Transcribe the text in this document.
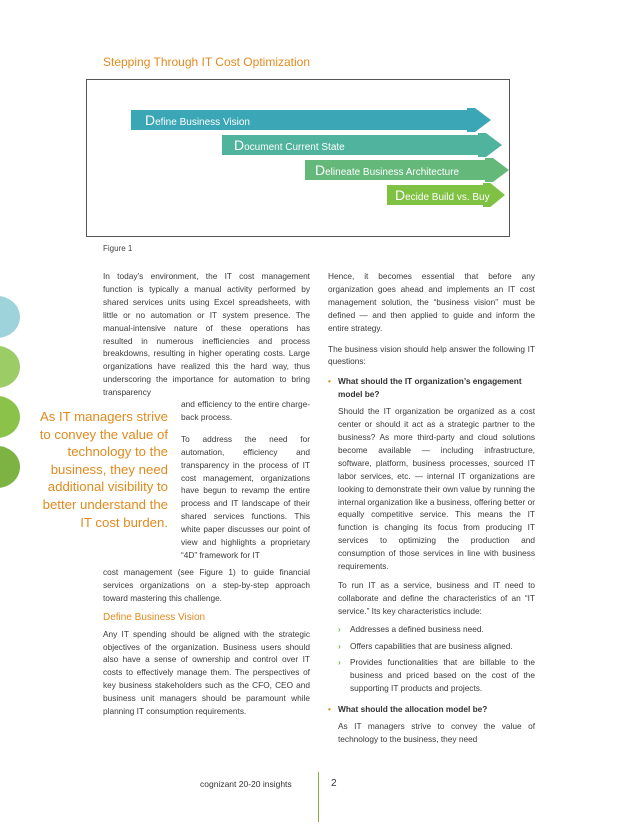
Stepping Through IT Cost Optimization
Define Business Vision
Document Current State
Delineate Business Architecture
Decide Build vs. Buy
Figure 1
As IT managers strive to convey the value of technology to the business, they need additional visibility to better understand the IT cost burden.

In today’s environment, the IT cost management function is typically a manual activity performed by shared services units using Excel spreadsheets, with little or no automation or IT system presence. The manual-intensive nature of these operations has resulted in numerous inefficiencies and process breakdowns, resulting in higher operating costs. Large organizations have realized this the hard way, thus underscoring the importance for automation to bring transparency

and efficiency to the entire charge-back process.

To address the need for automation, efficiency and transparency in the process of IT cost management, organizations have begun to revamp the entire process and IT landscape of their shared services functions. This white paper discusses our point of view and highlights a proprietary “4D” framework for IT

cost management (see Figure 1) to guide financial services organizations on a step-by-step approach toward mastering this challenge.

Define Business Vision

Any IT spending should be aligned with the strategic objectives of the organization. Business users should also have a sense of ownership and control over IT costs to effectively manage them. The perspectives of key business stakeholders such as the CFO, CEO and business unit managers should be paramount while planning IT consumption requirements.

Hence, it becomes essential that before any organization goes ahead and implements an IT cost management solution, the “business vision” must be defined — and then applied to guide and inform the entire strategy.

The business vision should help answer the following IT questions:

• What should the IT organization’s engagement model be?

Should the IT organization be organized as a cost center or should it act as a strategic partner to the business? As more third-party and cloud solutions become available — including infrastructure, software, platform, business processes, sourced IT labor services, etc. — internal IT organizations are looking to demonstrate their own value by running the internal organization like a business, offering better or equally competitive service. This means the IT function is changing its focus from producing IT services to optimizing the production and consumption of those services in line with business requirements.

To run IT as a service, business and IT need to collaborate and define the characteristics of an “IT service.” Its key characteristics include:

›	Addresses a defined business need.
›	Offers capabilities that are business aligned.
›	Provides functionalities that are billable to the business and priced based on the cost of the supporting IT products and projects.
• What should the allocation model be?

As IT managers strive to convey the value of technology to the business, they need

cognizant 20-20 insights	2
